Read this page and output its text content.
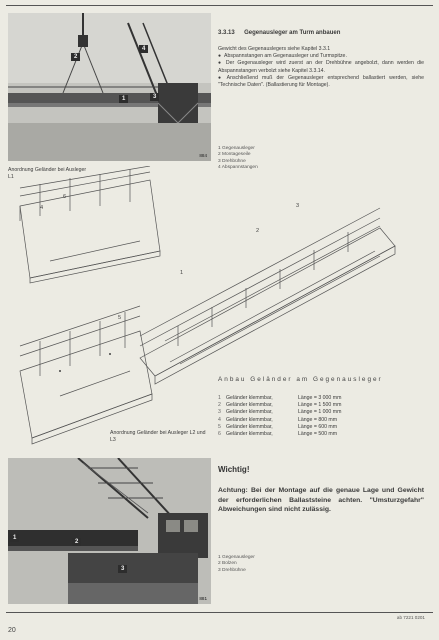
1
2
3
4
884
3.3.13 Gegenausleger am Turm anbauen
Gewicht des Gegenauslegers siehe Kapitel 3.3.1
● Abspannstangen am Gegenausleger und Turmspitze.
● Der Gegenausleger wird zuerst an der Drehbühne angebolzt, dann werden die Abspannstangen verbolzt siehe Kapitel 3.3.14.
● Anschließend muß der Gegenausleger entsprechend ballastiert werden, siehe "Technische Daten". (Ballastierung für Montage).
1 Gegenausleger
2 Montageseile
3 Drehbühne
4 Abspannstangen
Anordnung Geländer bei Ausleger L1
Anordnung Geländer bei Ausleger L2 und L3
4
6
3
2
1
5
Anbau Geländer am Gegenausleger
1 Geländer klemmbar,	Länge = 3 000 mm
2 Geländer klemmbar,	Länge = 1 500 mm
3 Geländer klemmbar,	Länge = 1 000 mm
4 Geländer klemmbar,	Länge = 800 mm
5 Geländer klemmbar,	Länge = 600 mm
6 Geländer klemmbar,	Länge = 500 mm
1
2
3
881
Wichtig!
Achtung: Bei der Montage auf die genaue Lage und Gewicht der erforderlichen Ballaststeine achten. "Umsturzgefahr" Abweichungen sind nicht zulässig.
1 Gegenausleger
2 Bolzen
3 Drehbühne
ab 7221 0201
20
